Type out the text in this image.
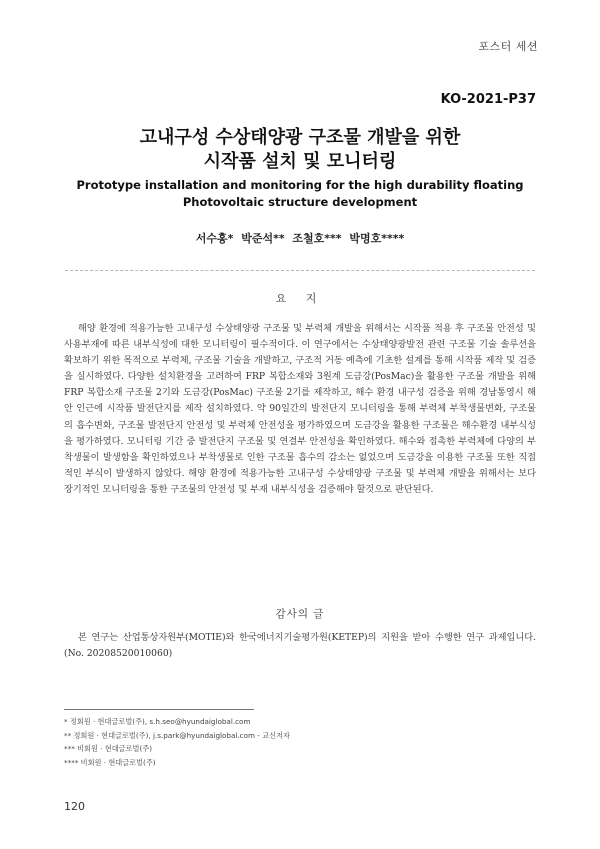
포스터 세션
KO-2021-P37
고내구성 수상태양광 구조물 개발을 위한
시작품 설치 및 모니터링
Prototype installation and monitoring for the high durability floating Photovoltaic structure development
서수홍* 박준석** 조철호*** 박명호****
요 지
해양 환경에 적용가능한 고내구성 수상태양광 구조물 및 부력체 개발을 위해서는 시작품 적용 후 구조물 안전성 및 사용부재에 따른 내부식성에 대한 모니터링이 필수적이다. 이 연구에서는 수상태양광발전 관련 구조물 기술 솔루션을 확보하기 위한 목적으로 부력체, 구조물 기술을 개발하고, 구조적 거동 예측에 기초한 설계를 통해 시작품 제작 및 검증을 실시하였다. 다양한 설치환경을 고려하여 FRP 복합소재와 3원계 도금강(PosMac)을 활용한 구조물 개발을 위해 FRP 복합소재 구조물 2기와 도금강(PosMac) 구조물 2기를 제작하고, 해수 환경 내구성 검증을 위해 경남통영시 해안 인근에 시작품 발전단지를 제작 설치하였다. 약 90일간의 발전단지 모니터링을 통해 부력체 부착생물변화, 구조물의 흡수변화, 구조물 발전단지 안전성 및 부력체 안전성을 평가하였으며 도금강을 활용한 구조물은 해수환경 내부식성을 평가하였다. 모니터링 기간 중 발전단지 구조물 및 연결부 안전성을 확인하였다. 해수와 접촉한 부력체에 다양의 부착생물이 발생함을 확인하였으나 부착생물로 인한 구조물 흡수의 감소는 없었으며 도금강을 이용한 구조물 또한 직접적인 부식이 발생하지 않았다. 해양 환경에 적용가능한 고내구성 수상태양광 구조물 및 부력체 개발을 위해서는 보다 장기적인 모니터링을 통한 구조물의 안전성 및 부재 내부식성을 검증해야 할것으로 판단된다.
감사의 글
본 연구는 산업통상자원부(MOTIE)와 한국에너지기술평가원(KETEP)의 지원을 받아 수행한 연구 과제입니다. (No. 20208520010060)
* 정회원 · 현대글로벌(주), s.h.seo@hyundaiglobal.com
** 정회원 · 현대글로벌(주), j.s.park@hyundaiglobal.com - 교신저자
*** 비회원 · 현대글로벌(주)
**** 비회원 · 현대글로벌(주)
120
